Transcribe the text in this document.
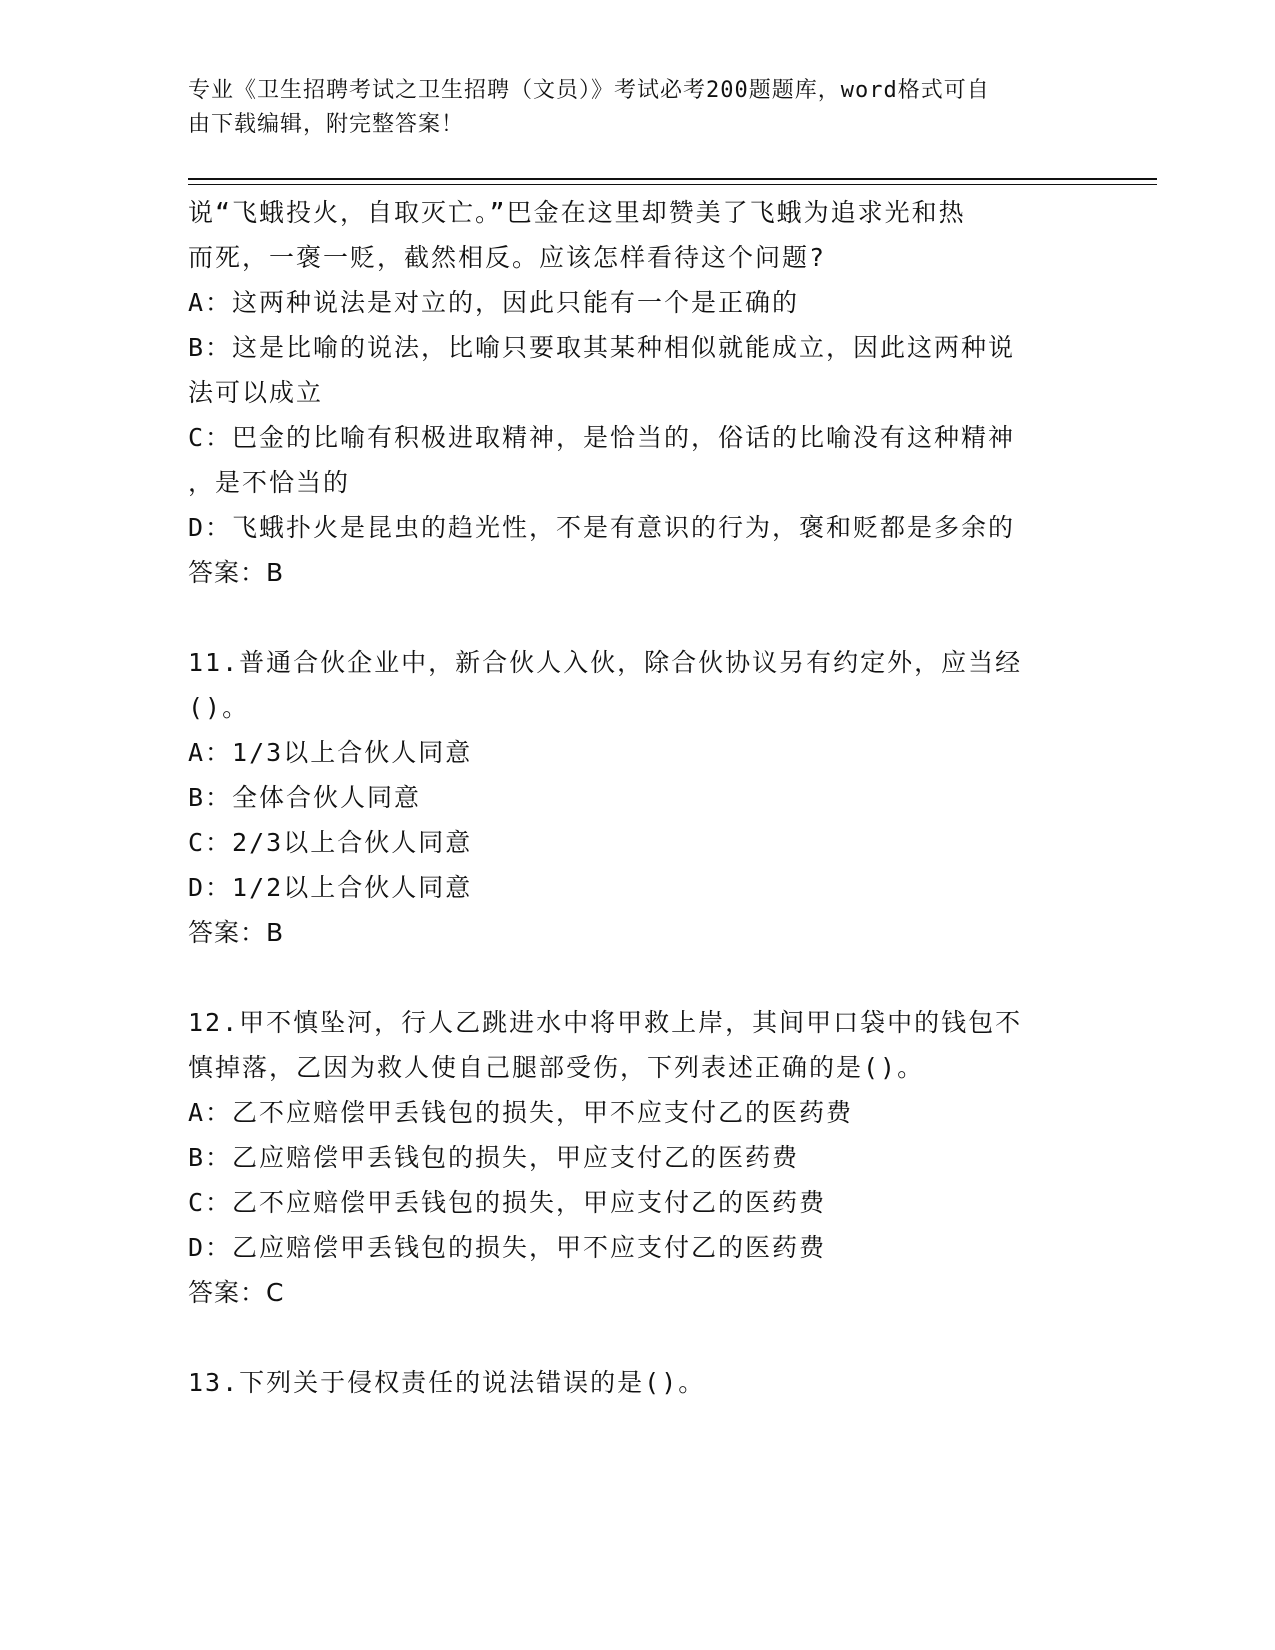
专业《卫生招聘考试之卫生招聘（文员）》考试必考200题题库，word格式可自
由下载编辑，附完整答案！
说“飞蛾投火，自取灭亡。”巴金在这里却赞美了飞蛾为追求光和热
而死，一褒一贬，截然相反。应该怎样看待这个问题?
A：这两种说法是对立的，因此只能有一个是正确的
B：这是比喻的说法，比喻只要取其某种相似就能成立，因此这两种说
法可以成立
C：巴金的比喻有积极进取精神，是恰当的，俗话的比喻没有这种精神
，是不恰当的
D：飞蛾扑火是昆虫的趋光性，不是有意识的行为，褒和贬都是多余的
答案：B
11.普通合伙企业中，新合伙人入伙，除合伙协议另有约定外，应当经
()。
A：1/3以上合伙人同意
B：全体合伙人同意
C：2/3以上合伙人同意
D：1/2以上合伙人同意
答案：B
12.甲不慎坠河，行人乙跳进水中将甲救上岸，其间甲口袋中的钱包不
慎掉落，乙因为救人使自己腿部受伤，下列表述正确的是()。
A：乙不应赔偿甲丢钱包的损失，甲不应支付乙的医药费
B：乙应赔偿甲丢钱包的损失，甲应支付乙的医药费
C：乙不应赔偿甲丢钱包的损失，甲应支付乙的医药费
D：乙应赔偿甲丢钱包的损失，甲不应支付乙的医药费
答案：C
13.下列关于侵权责任的说法错误的是()。
